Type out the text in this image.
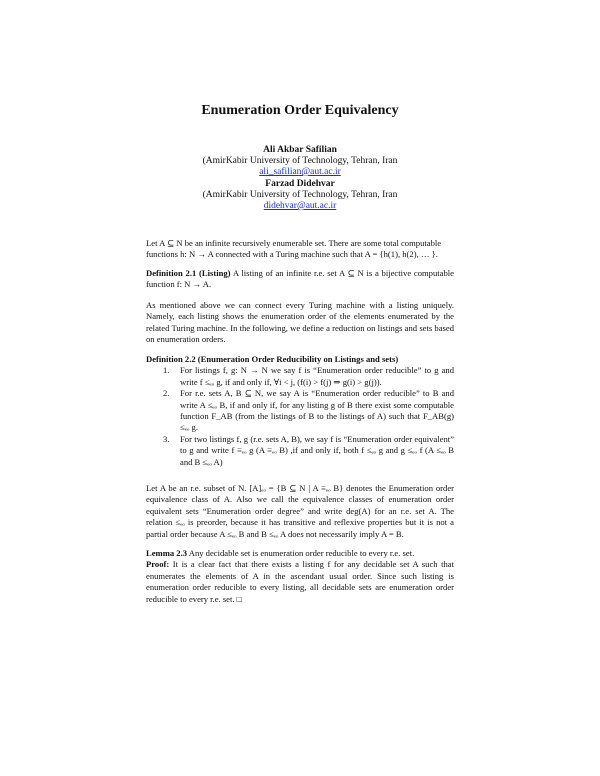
Enumeration Order Equivalency
Ali Akbar Safilian
(AmirKabir University of Technology, Tehran, Iran
ali_safilian@aut.ac.ir
Farzad Didehvar
(AmirKabir University of Technology, Tehran, Iran
didehvar@aut.ac.ir

Let A ⊆ N be an infinite recursively enumerable set. There are some total computable

functions h: N → A connected with a Turing machine such that A = {h(1), h(2), … }.

Definition 2.1 (Listing) A listing of an infinite r.e. set A ⊆ N is a bijective computable function f: N → A.

As mentioned above we can connect every Turing machine with a listing uniquely. Namely, each listing shows the enumeration order of the elements enumerated by the related Turing machine. In the following, we define a reduction on listings and sets based on enumeration orders.

Definition 2.2 (Enumeration Order Reducibility on Listings and sets)

1. For listings f, g: N → N we say f is “Enumeration order reducible” to g and write f ≤ₑₒ g, if and only if, ∀i < j, (f(i) > f(j) ⇒ g(i) > g(j)).
2. For r.e. sets A, B ⊆ N, we say A is “Enumeration order reducible” to B and write A ≤ₑₒ B, if and only if, for any listing g of B there exist some computable function F_AB (from the listings of B to the listings of A) such that F_AB(g) ≤ₑₒ g.
3. For two listings f, g (r.e. sets A, B), we say f is “Enumeration order equivalent” to g and write f ≡ₑₒ g (A ≡ₑₒ B) ,if and only if, both f ≤ₑₒ g and g ≤ₑₒ f (A ≤ₑₒ B and B ≤ₑₒ A)

Let A be an r.e. subset of N. [A]ₑₒ = {B ⊆ N | A ≡ₑₒ B} denotes the Enumeration order equivalence class of A. Also we call the equivalence classes of enumeration order equivalent sets “Enumeration order degree” and write deg(A) for an r.e. set A. The relation ≤ₑₒ is preorder, because it has transitive and reflexive properties but it is not a partial order because A ≤ₑₒ B and B ≤ₑₒ A does not necessarily imply A = B.

Lemma 2.3 Any decidable set is enumeration order reducible to every r.e. set.

Proof: It is a clear fact that there exists a listing f for any decidable set A such that enumerates the elements of A in the ascendant usual order. Since such listing is enumeration order reducible to every listing, all decidable sets are enumeration order reducible to every r.e. set. □
